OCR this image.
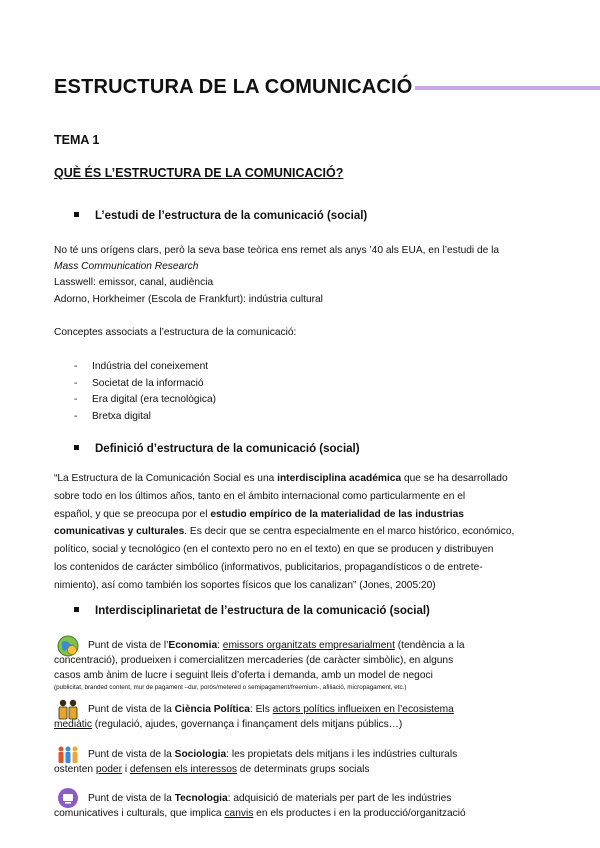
ESTRUCTURA DE LA COMUNICACIÓ
TEMA 1
QUÈ ÉS L’ESTRUCTURA DE LA COMUNICACIÓ?
L’estudi de l’estructura de la comunicació (social)
No té uns orígens clars, però la seva base teòrica ens remet als anys ’40 als EUA, en l’estudi de la
Mass Communication Research
Lasswell: emissor, canal, audiència
Adorno, Horkheimer (Escola de Frankfurt): indústria cultural
Conceptes associats a l’estructura de la comunicació:
- Indústria del coneixement
- Societat de la informació
- Era digital (era tecnològica)
- Bretxa digital
Definició d’estructura de la comunicació (social)
“La Estructura de la Comunicación Social es una interdisciplina académica que se ha desarrollado
sobre todo en los últimos años, tanto en el ámbito internacional como particularmente en el
español, y que se preocupa por el estudio empírico de la materialidad de las industrias
comunicativas y culturales. Es decir que se centra especialmente en el marco histórico, económico,
político, social y tecnológico (en el contexto pero no en el texto) en que se producen y distribuyen
los contenidos de carácter simbólico (informativos, publicitarios, propagandísticos o de entrete-
nimiento), así como también los soportes físicos que los canalizan” (Jones, 2005:20)
Interdisciplinarietat de l’estructura de la comunicació (social)
Punt de vista de l’Economia: emissors organitzats empresarialment (tendència a la
concentració), produeixen i comercialitzen mercaderies (de caràcter simbòlic), en alguns
casos amb ànim de lucre i seguint lleis d’oferta i demanda, amb un model de negoci
(publicitat, branded content, mur de pagament –dur, porós/metered o semipagament/freemium-, afiliació, micropagament, etc.)
Punt de vista de la Ciència Política: Els actors polítics influeixen en l’ecosistema
mediàtic (regulació, ajudes, governança i finançament dels mitjans públics…)
Punt de vista de la Sociologia: les propietats dels mitjans i les indústries culturals
ostenten poder i defensen els interessos de determinats grups socials
Punt de vista de la Tecnologia: adquisició de materials per part de les indústries
comunicatives i culturals, que implica canvis en els productes i en la producció/organització
